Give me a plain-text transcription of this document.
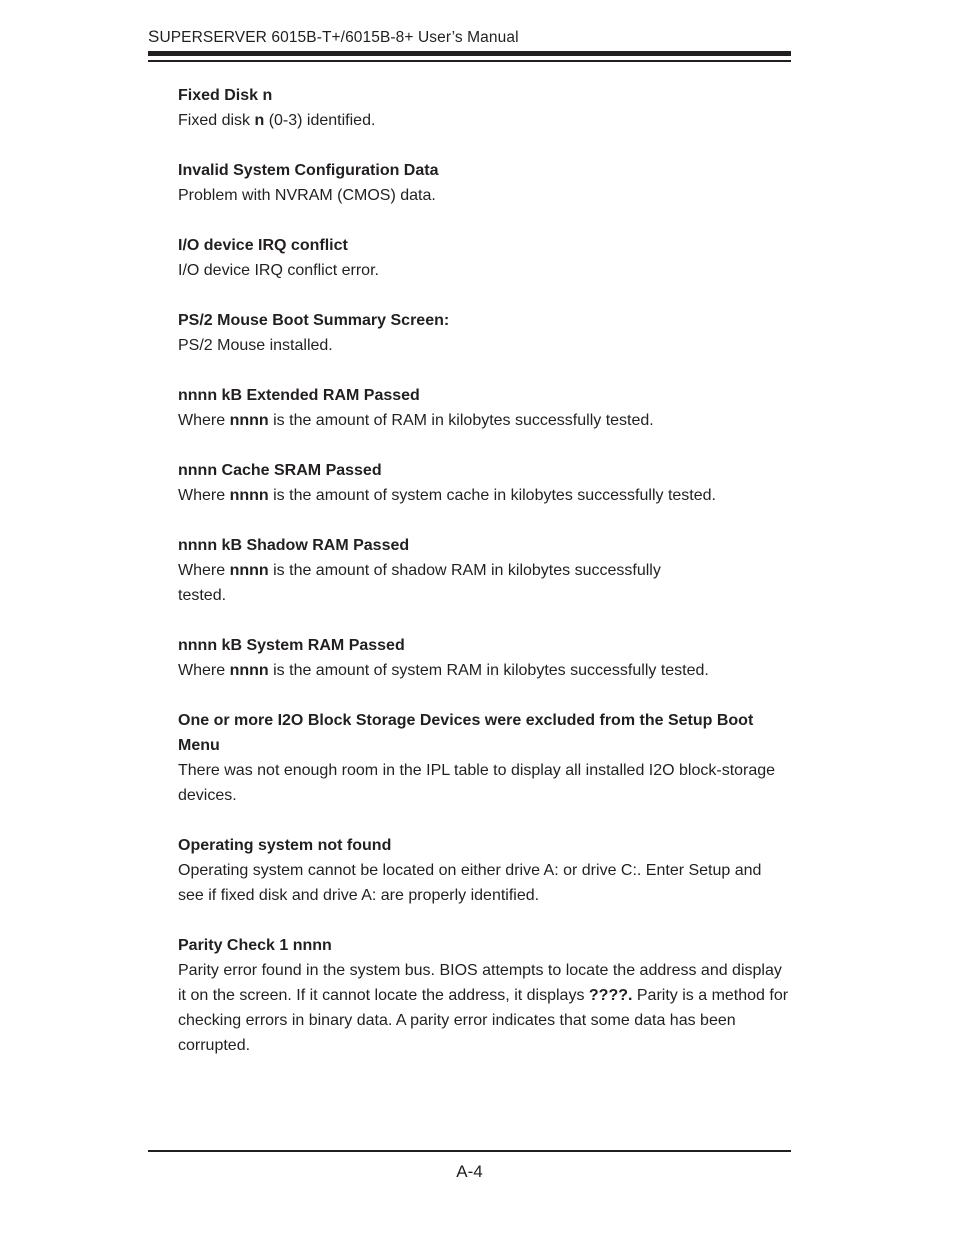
SUPERSERVER 6015B-T+/6015B-8+ User’s Manual
Fixed Disk n
Fixed disk n (0-3) identified.
Invalid System Configuration Data
Problem with NVRAM (CMOS) data.
I/O device IRQ conflict
I/O device IRQ conflict error.
PS/2 Mouse Boot Summary Screen:
PS/2 Mouse installed.
nnnn kB Extended RAM Passed
Where nnnn is the amount of RAM in kilobytes successfully tested.
nnnn Cache SRAM Passed
Where nnnn is the amount of system cache in kilobytes successfully tested.
nnnn kB Shadow RAM Passed
Where nnnn is the amount of shadow RAM in kilobytes successfully
tested.
nnnn kB System RAM Passed
Where nnnn is the amount of system RAM in kilobytes successfully tested.
One or more I2O Block Storage Devices were excluded from the Setup Boot Menu
There was not enough room in the IPL table to display all installed I2O block-storage devices.
Operating system not found
Operating system cannot be located on either drive A: or drive C:. Enter Setup and see if fixed disk and drive A: are properly identified.
Parity Check 1 nnnn
Parity error found in the system bus. BIOS attempts to locate the address and display it on the screen. If it cannot locate the address, it displays ????. Parity is a method for checking errors in binary data. A parity error indicates that some data has been corrupted.
A-4
